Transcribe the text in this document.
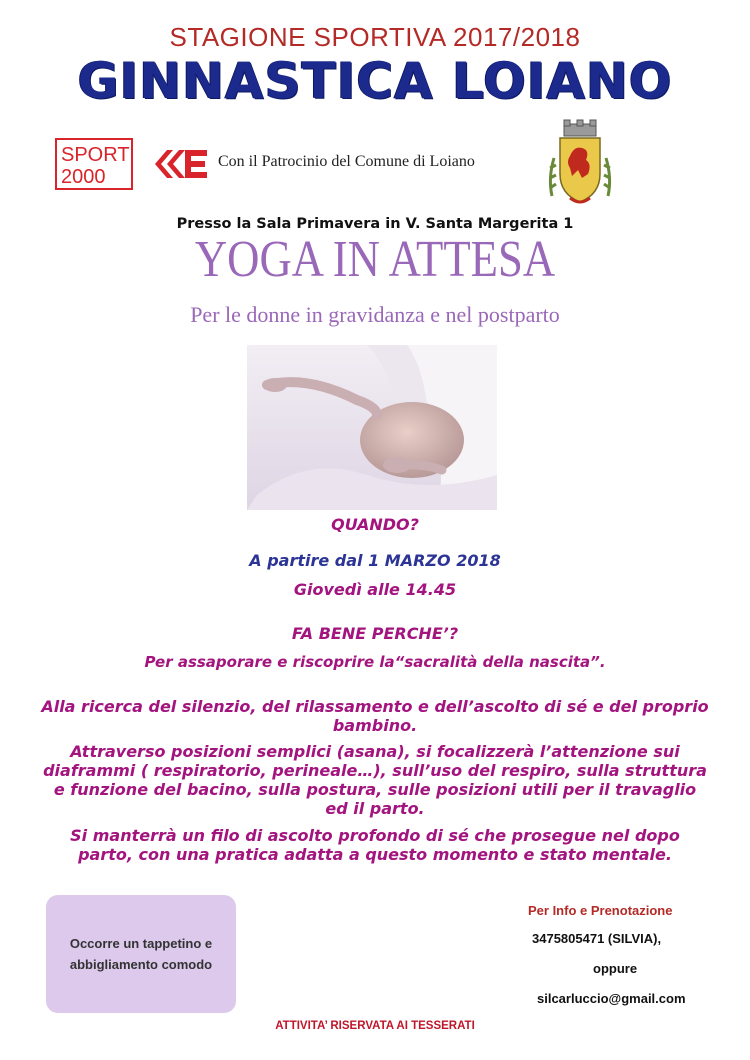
STAGIONE SPORTIVA 2017/2018
GINNASTICA LOIANO
SPORT
2000
Con il Patrocinio del Comune di Loiano
Presso la Sala Primavera in V. Santa Margerita 1
YOGA IN ATTESA
Per le donne in gravidanza e nel postparto
QUANDO?
A partire dal 1 MARZO 2018
Giovedì alle 14.45
FA BENE PERCHE’?
Per assaporare e riscoprire la“sacralità della nascita”.
Alla ricerca del silenzio, del rilassamento e dell’ascolto di sé e del proprio bambino.
Attraverso posizioni semplici (asana), si focalizzerà l’attenzione sui diaframmi ( respiratorio, perineale…), sull’uso del respiro, sulla struttura e funzione del bacino, sulla postura, sulle posizioni utili per il travaglio ed il parto.
Si manterrà un filo di ascolto profondo di sé che prosegue nel dopo parto, con una pratica adatta a questo momento e stato mentale.
Occorre un tappetino e abbigliamento comodo
Per Info e Prenotazione
3475805471 (SILVIA),
oppure
silcarluccio@gmail.com
ATTIVITA’ RISERVATA AI TESSERATI
